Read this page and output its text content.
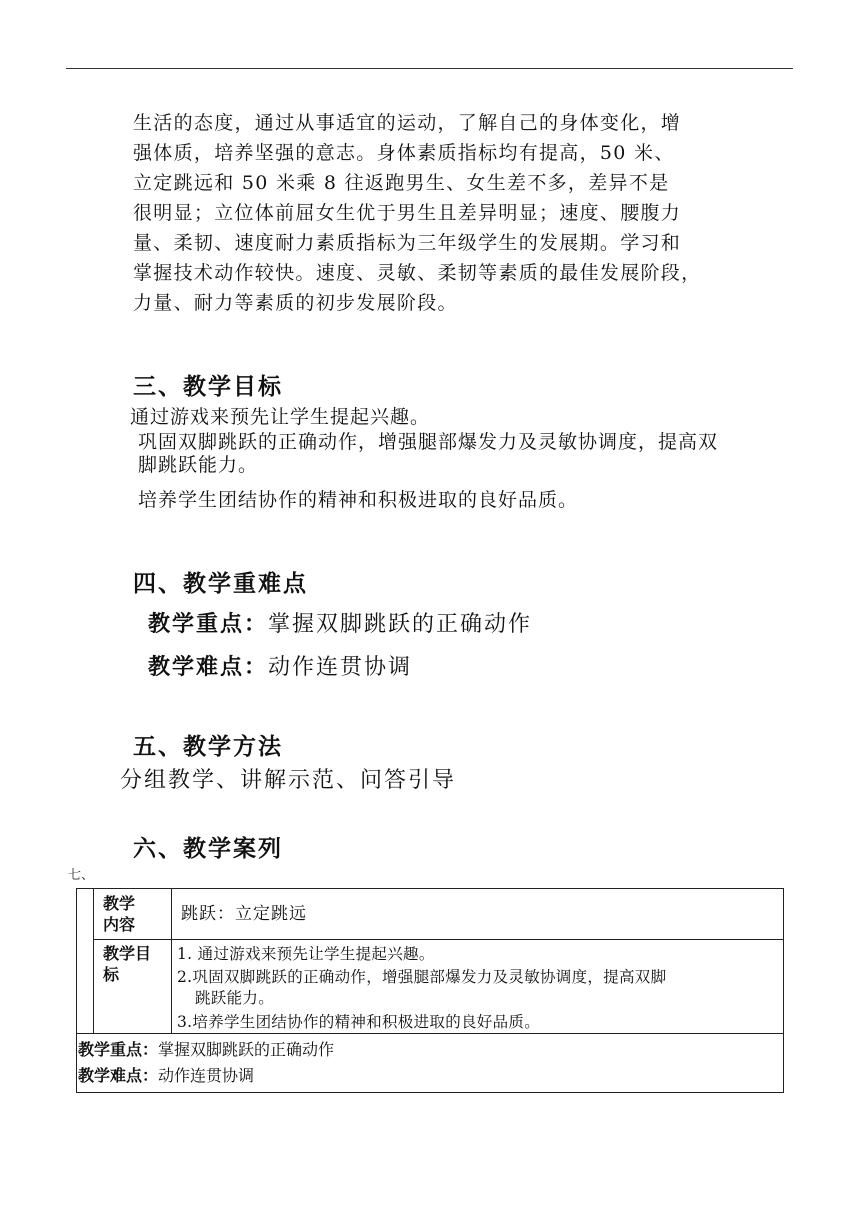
生活的态度，通过从事适宜的运动，了解自己的身体变化，增
强体质，培养坚强的意志。身体素质指标均有提高，50 米、
立定跳远和 50 米乘 8 往返跑男生、女生差不多，差异不是
很明显；立位体前屈女生优于男生且差异明显；速度、腰腹力
量、柔韧、速度耐力素质指标为三年级学生的发展期。学习和
掌握技术动作较快。速度、灵敏、柔韧等素质的最佳发展阶段，
力量、耐力等素质的初步发展阶段。

三、教学目标

通过游戏来预先让学生提起兴趣。

巩固双脚跳跃的正确动作，增强腿部爆发力及灵敏协调度，提高双

脚跳跃能力。

培养学生团结协作的精神和积极进取的良好品质。

四、教学重难点

教学重点：掌握双脚跳跃的正确动作

教学难点：动作连贯协调

五、教学方法

分组教学、讲解示范、问答引导

六、教学案列

七、

教学
内容

跳跃：立定跳远

教学目
标

1. 通过游戏来预先让学生提起兴趣。
2.巩固双脚跳跃的正确动作，增强腿部爆发力及灵敏协调度，提高双脚
跳跃能力。
3.培养学生团结协作的精神和积极进取的良好品质。

教学重点：掌握双脚跳跃的正确动作

教学难点：动作连贯协调
